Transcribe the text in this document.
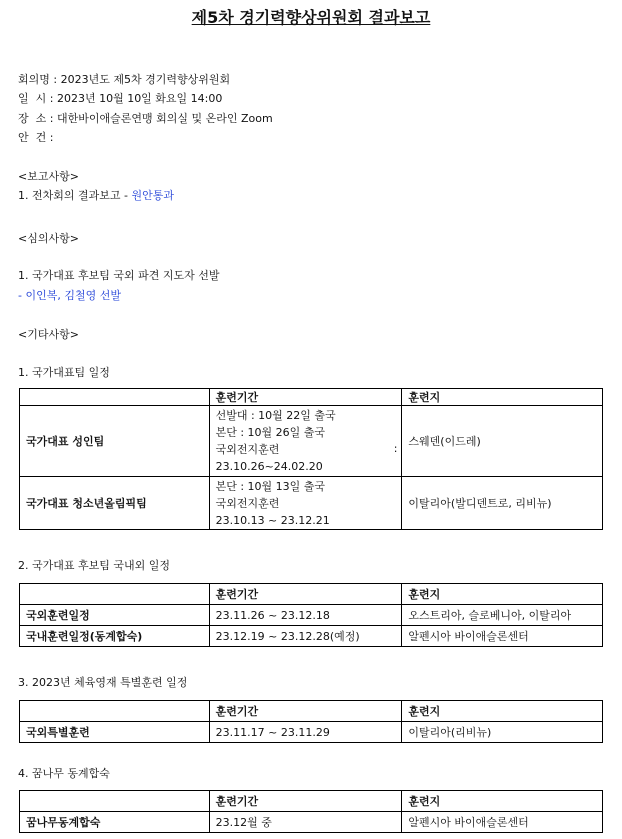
제5차 경기력향상위원회 결과보고
회의명 : 2023년도 제5차 경기력향상위원회
일  시 : 2023년 10월 10일 화요일 14:00
장  소 : 대한바이애슬론연맹 회의실 및 온라인 Zoom
안  건 :
<보고사항>
1. 전차회의 결과보고 - 원안통과
<심의사항>
1. 국가대표 후보팀 국외 파견 지도자 선발
- 이인복, 김철영 선발
<기타사항>
1. 국가대표팀 일정
	훈련기간	훈련지
국가대표 성인팀	선발대 : 10월 22일 출국
본단 : 10월 26일 출국
국외전지훈련
23.10.26~24.02.20
:	스웨덴(이드레)
국가대표 청소년올림픽팀	본단 : 10월 13일 출국
국외전지훈련
23.10.13 ~ 23.12.21	이탈리아(발디덴트로, 리비뉴)
2. 국가대표 후보팀 국내외 일정
	훈련기간	훈련지
국외훈련일정	23.11.26 ~ 23.12.18	오스트리아, 슬로베니아, 이탈리아
국내훈련일정(동계합숙)	23.12.19 ~ 23.12.28(예정)	알펜시아 바이애슬론센터
3. 2023년 체육영재 특별훈련 일정
	훈련기간	훈련지
국외특별훈련	23.11.17 ~ 23.11.29	이탈리아(리비뉴)
4. 꿈나무 동계합숙
	훈련기간	훈련지
꿈나무동계합숙	23.12월 중	알펜시아 바이애슬론센터
